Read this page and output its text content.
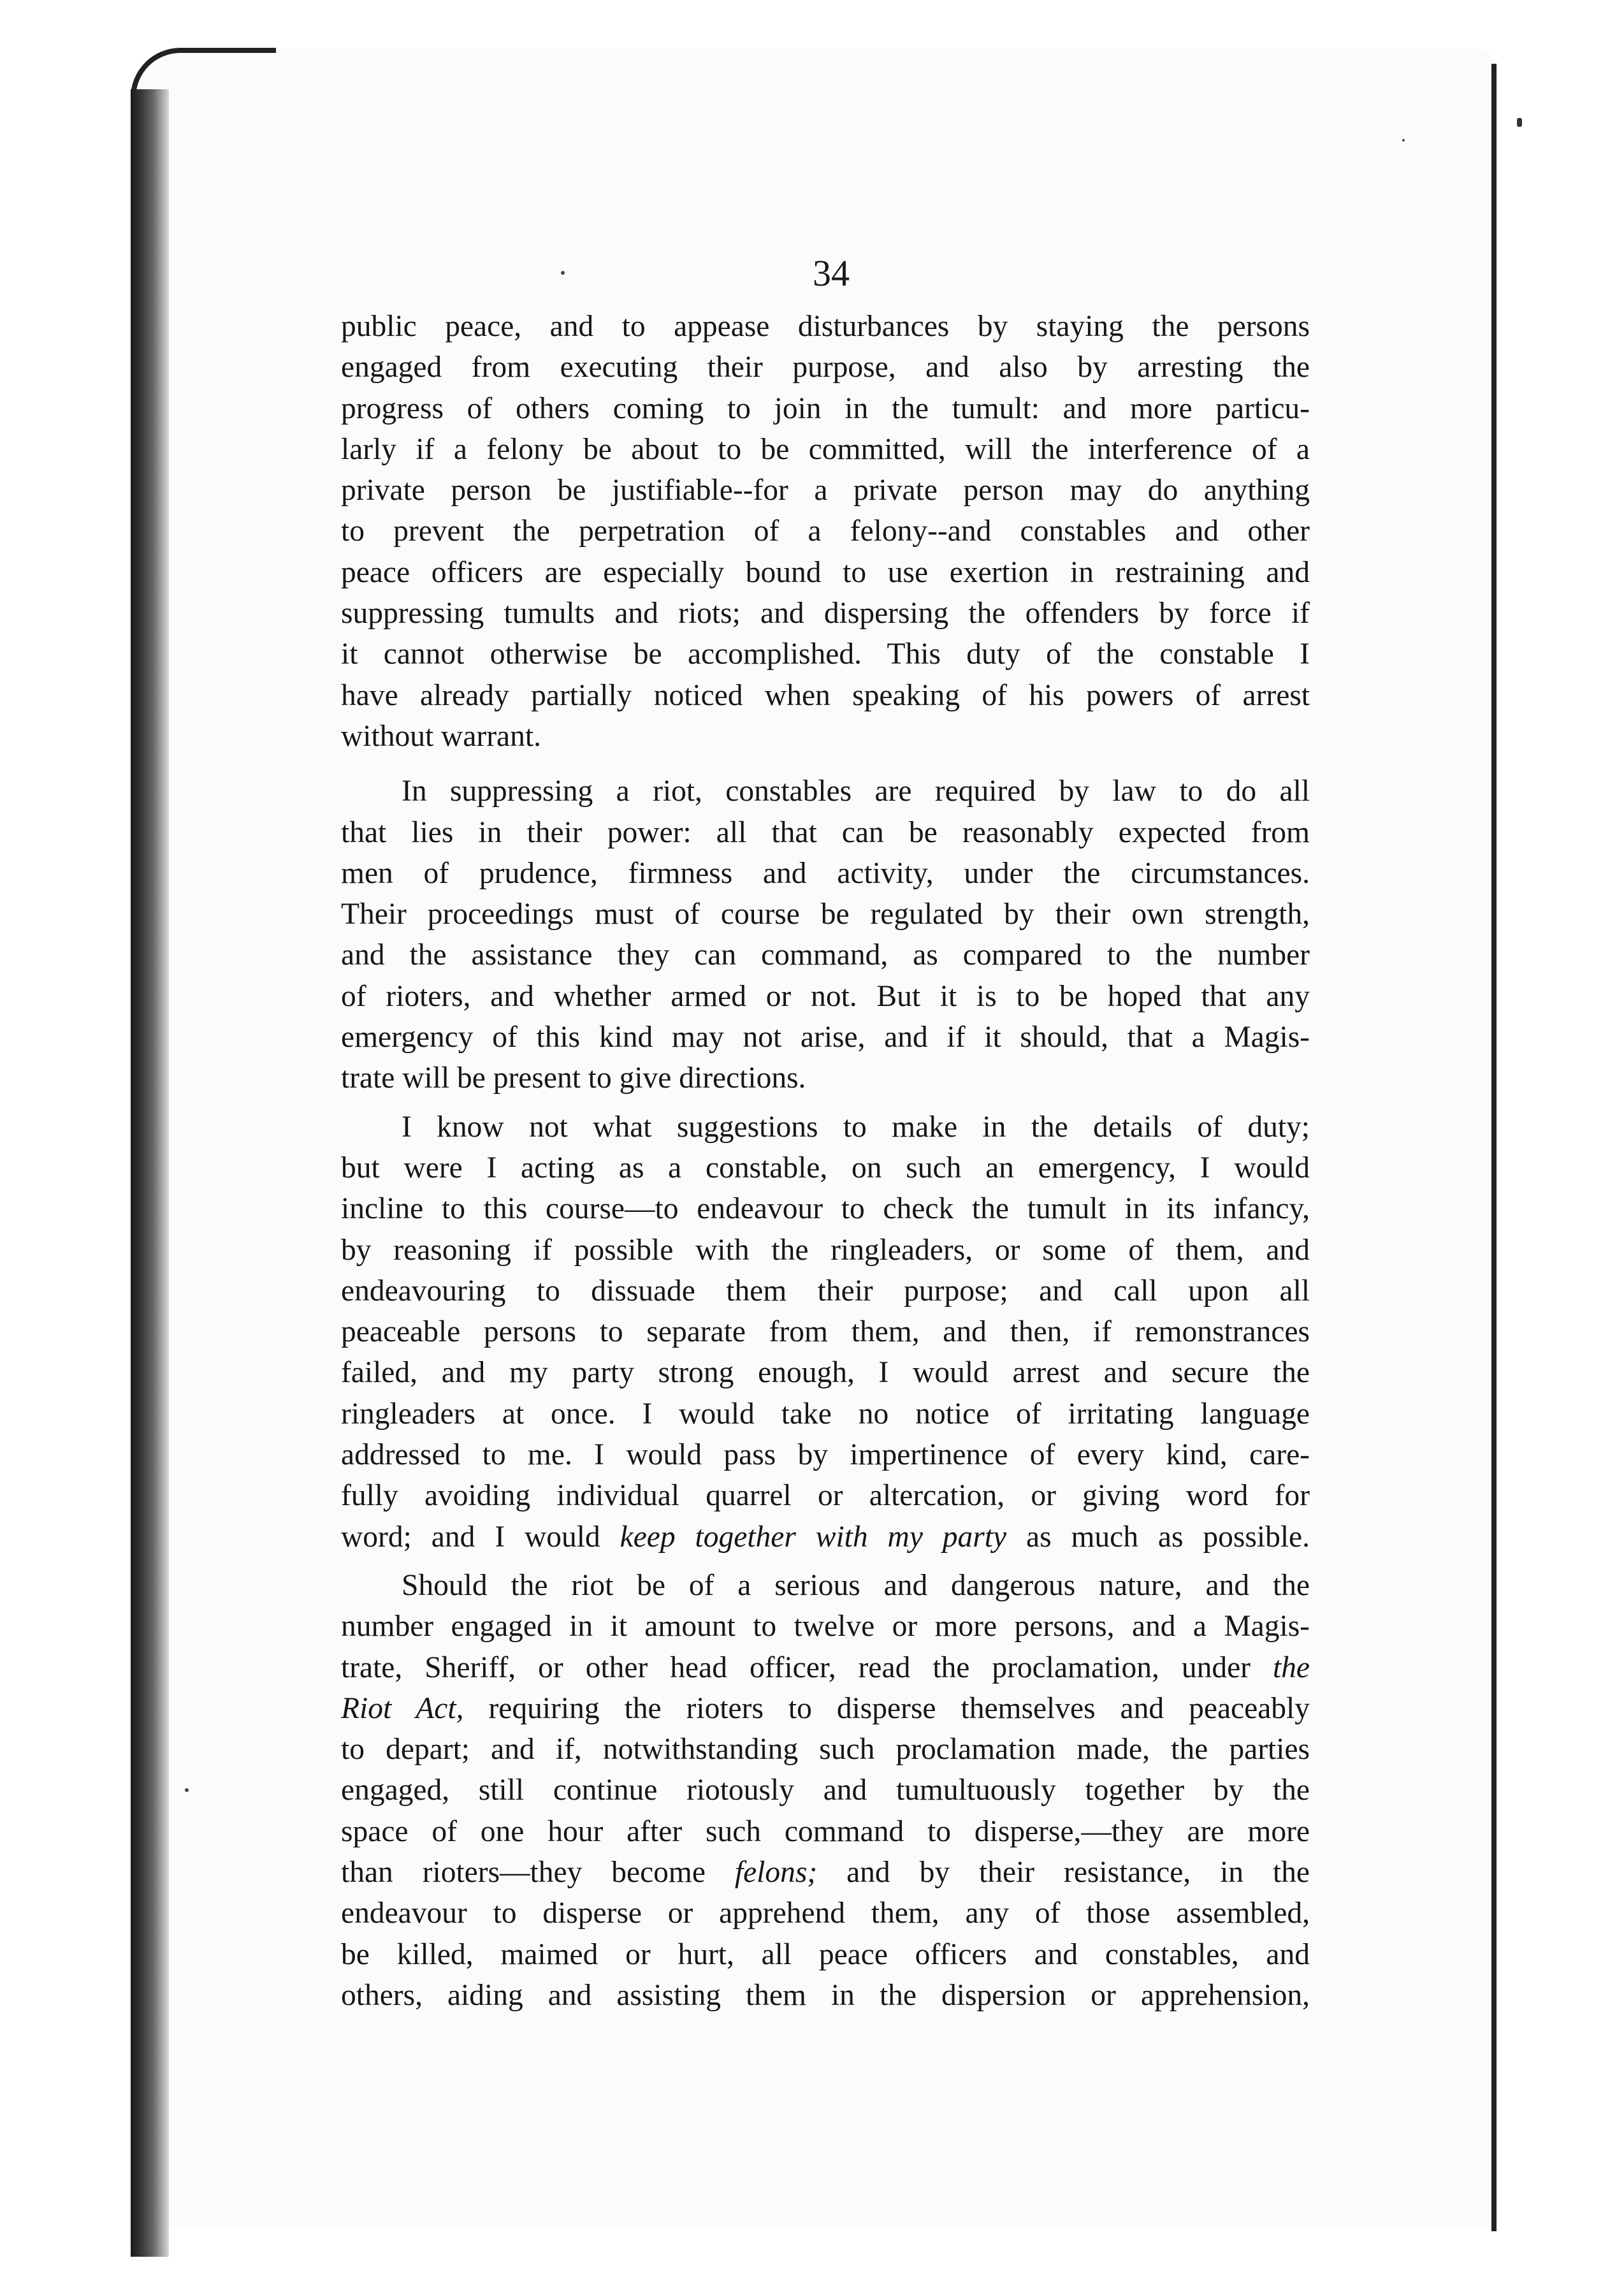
34
public peace, and to appease disturbances by staying the persons
engaged from executing their purpose, and also by arresting the
progress of others coming to join in the tumult: and more particu-
larly if a felony be about to be committed, will the interference of a
private person be justifiable--for a private person may do anything
to prevent the perpetration of a felony--and constables and other
peace officers are especially bound to use exertion in restraining and
suppressing tumults and riots; and dispersing the offenders by force if
it cannot otherwise be accomplished. This duty of the constable I
have already partially noticed when speaking of his powers of arrest
without warrant.
In suppressing a riot, constables are required by law to do all
that lies in their power: all that can be reasonably expected from
men of prudence, firmness and activity, under the circumstances.
Their proceedings must of course be regulated by their own strength,
and the assistance they can command, as compared to the number
of rioters, and whether armed or not. But it is to be hoped that any
emergency of this kind may not arise, and if it should, that a Magis-
trate will be present to give directions.
I know not what suggestions to make in the details of duty;
but were I acting as a constable, on such an emergency, I would
incline to this course—to endeavour to check the tumult in its infancy,
by reasoning if possible with the ringleaders, or some of them, and
endeavouring to dissuade them their purpose; and call upon all
peaceable persons to separate from them, and then, if remonstrances
failed, and my party strong enough, I would arrest and secure the
ringleaders at once. I would take no notice of irritating language
addressed to me. I would pass by impertinence of every kind, care-
fully avoiding individual quarrel or altercation, or giving word for
word; and I would keep together with my party as much as possible.
Should the riot be of a serious and dangerous nature, and the
number engaged in it amount to twelve or more persons, and a Magis-
trate, Sheriff, or other head officer, read the proclamation, under the
Riot Act, requiring the rioters to disperse themselves and peaceably
to depart; and if, notwithstanding such proclamation made, the parties
engaged, still continue riotously and tumultuously together by the
space of one hour after such command to disperse,—they are more
than rioters—they become felons; and by their resistance, in the
endeavour to disperse or apprehend them, any of those assembled,
be killed, maimed or hurt, all peace officers and constables, and
others, aiding and assisting them in the dispersion or apprehension,
